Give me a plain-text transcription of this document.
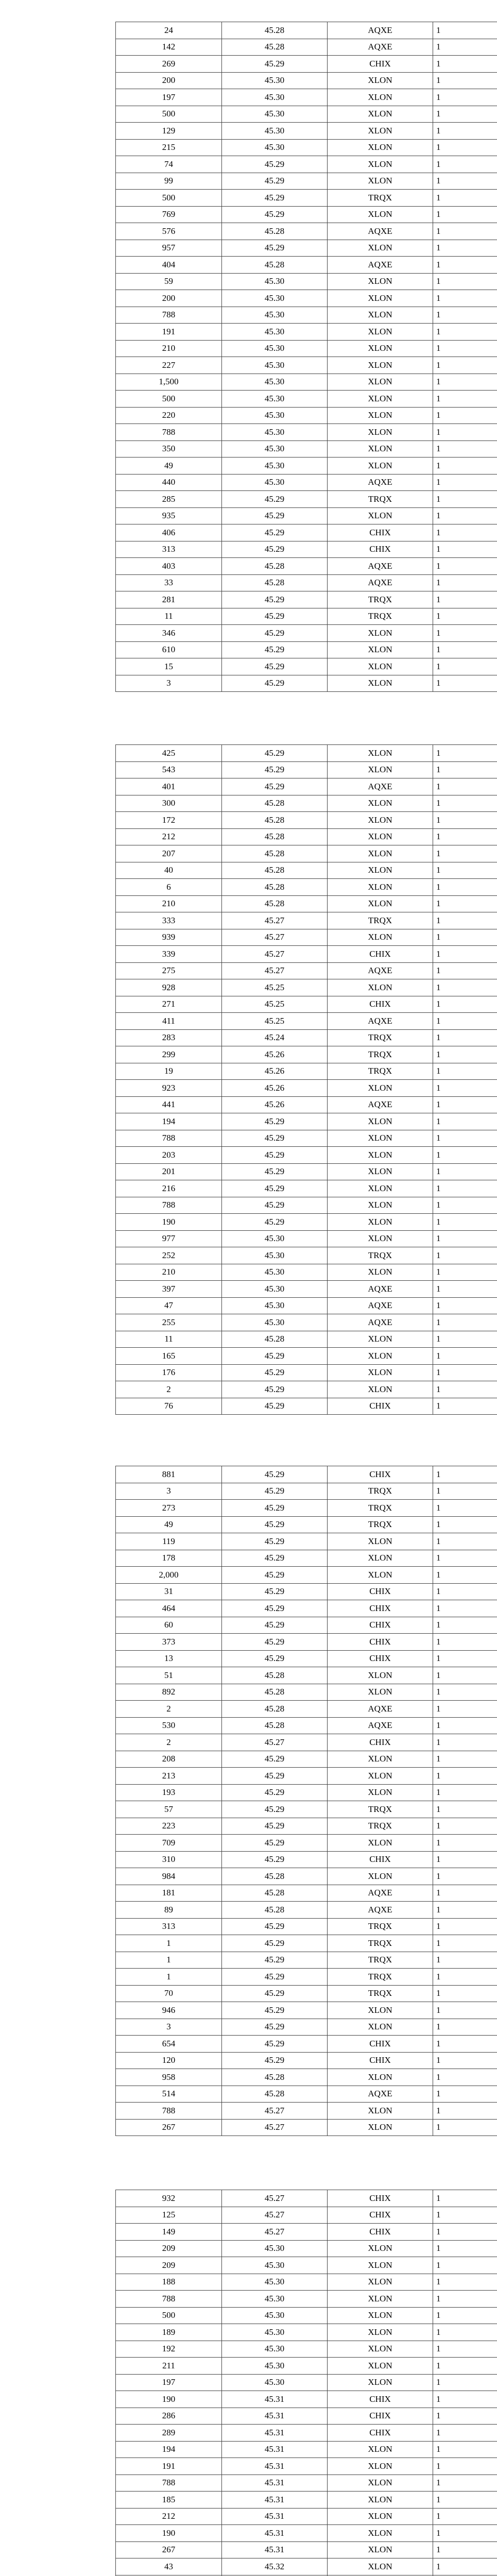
24	45.28	AQXE	1
142	45.28	AQXE	1
269	45.29	CHIX	1
200	45.30	XLON	1
197	45.30	XLON	1
500	45.30	XLON	1
129	45.30	XLON	1
215	45.30	XLON	1
74	45.29	XLON	1
99	45.29	XLON	1
500	45.29	TRQX	1
769	45.29	XLON	1
576	45.28	AQXE	1
957	45.29	XLON	1
404	45.28	AQXE	1
59	45.30	XLON	1
200	45.30	XLON	1
788	45.30	XLON	1
191	45.30	XLON	1
210	45.30	XLON	1
227	45.30	XLON	1
1,500	45.30	XLON	1
500	45.30	XLON	1
220	45.30	XLON	1
788	45.30	XLON	1
350	45.30	XLON	1
49	45.30	XLON	1
440	45.30	AQXE	1
285	45.29	TRQX	1
935	45.29	XLON	1
406	45.29	CHIX	1
313	45.29	CHIX	1
403	45.28	AQXE	1
33	45.28	AQXE	1
281	45.29	TRQX	1
11	45.29	TRQX	1
346	45.29	XLON	1
610	45.29	XLON	1
15	45.29	XLON	1
3	45.29	XLON	1
425	45.29	XLON	1
543	45.29	XLON	1
401	45.29	AQXE	1
300	45.28	XLON	1
172	45.28	XLON	1
212	45.28	XLON	1
207	45.28	XLON	1
40	45.28	XLON	1
6	45.28	XLON	1
210	45.28	XLON	1
333	45.27	TRQX	1
939	45.27	XLON	1
339	45.27	CHIX	1
275	45.27	AQXE	1
928	45.25	XLON	1
271	45.25	CHIX	1
411	45.25	AQXE	1
283	45.24	TRQX	1
299	45.26	TRQX	1
19	45.26	TRQX	1
923	45.26	XLON	1
441	45.26	AQXE	1
194	45.29	XLON	1
788	45.29	XLON	1
203	45.29	XLON	1
201	45.29	XLON	1
216	45.29	XLON	1
788	45.29	XLON	1
190	45.29	XLON	1
977	45.30	XLON	1
252	45.30	TRQX	1
210	45.30	XLON	1
397	45.30	AQXE	1
47	45.30	AQXE	1
255	45.30	AQXE	1
11	45.28	XLON	1
165	45.29	XLON	1
176	45.29	XLON	1
2	45.29	XLON	1
76	45.29	CHIX	1
881	45.29	CHIX	1
3	45.29	TRQX	1
273	45.29	TRQX	1
49	45.29	TRQX	1
119	45.29	XLON	1
178	45.29	XLON	1
2,000	45.29	XLON	1
31	45.29	CHIX	1
464	45.29	CHIX	1
60	45.29	CHIX	1
373	45.29	CHIX	1
13	45.29	CHIX	1
51	45.28	XLON	1
892	45.28	XLON	1
2	45.28	AQXE	1
530	45.28	AQXE	1
2	45.27	CHIX	1
208	45.29	XLON	1
213	45.29	XLON	1
193	45.29	XLON	1
57	45.29	TRQX	1
223	45.29	TRQX	1
709	45.29	XLON	1
310	45.29	CHIX	1
984	45.28	XLON	1
181	45.28	AQXE	1
89	45.28	AQXE	1
313	45.29	TRQX	1
1	45.29	TRQX	1
1	45.29	TRQX	1
1	45.29	TRQX	1
70	45.29	TRQX	1
946	45.29	XLON	1
3	45.29	XLON	1
654	45.29	CHIX	1
120	45.29	CHIX	1
958	45.28	XLON	1
514	45.28	AQXE	1
788	45.27	XLON	1
267	45.27	XLON	1
932	45.27	CHIX	1
125	45.27	CHIX	1
149	45.27	CHIX	1
209	45.30	XLON	1
209	45.30	XLON	1
188	45.30	XLON	1
788	45.30	XLON	1
500	45.30	XLON	1
189	45.30	XLON	1
192	45.30	XLON	1
211	45.30	XLON	1
197	45.30	XLON	1
190	45.31	CHIX	1
286	45.31	CHIX	1
289	45.31	CHIX	1
194	45.31	XLON	1
191	45.31	XLON	1
788	45.31	XLON	1
185	45.31	XLON	1
212	45.31	XLON	1
190	45.31	XLON	1
267	45.31	XLON	1
43	45.32	XLON	1
